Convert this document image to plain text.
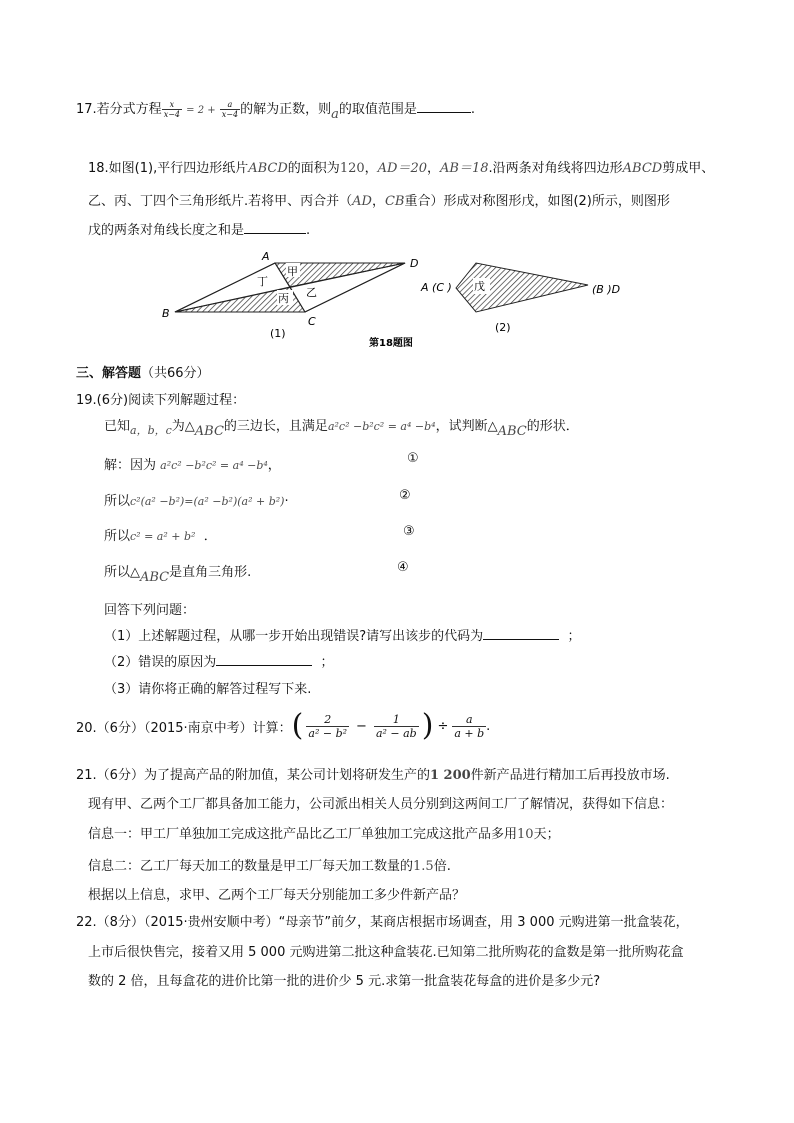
17.若分式方程 $\frac{x}{x-4} = 2 + \frac{a}{x-4}$ 的解为正数，则a的取值范围是	.
18.如图(1),平行四边形纸片ABCD的面积为120，AD＝20，AB＝18.沿两条对角线将四边形ABCD剪成甲、
乙、丙、丁四个三角形纸片.若将甲、丙合并（AD，CB重合）形成对称图形戊，如图(2)所示，则图形
戊的两条对角线长度之和是	.
A
B
C
D
甲
乙
丙
丁
(1)
戊
A (C )	(B )D
(2)
第18题图
三、解答题（共66分）
19.(6分)阅读下列解题过程：
已知$_{a,b,c}$为△ABC的三边长，且满足a²c² −b²c² = a⁴ −b⁴，试判断△ABC的形状．
解：因为 a²c² −b²c² = a⁴ −b⁴，	①
所以c²(a² −b²)=(a² −b²)(a² + b²)·	②
所以c² = a² + b² ．	③
所以△ABC是直角三角形.	④
回答下列问题：
（1）上述解题过程，从哪一步开始出现错误?请写出该步的代码为	；
（2）错误的原因为	；
（3）请你将正确的解答过程写下来.
20.（6分）（2015·南京中考）计算： ( $\frac{2}{\text{a² − b²}} - \frac{1}{\text{a² − ab}}$ ) ÷ $\frac{a}{a + b}$ .
21.（6分）为了提高产品的附加值，某公司计划将研发生产的1 200件新产品进行精加工后再投放市场.
现有甲、乙两个工厂都具备加工能力，公司派出相关人员分别到这两间工厂了解情况，获得如下信息：
信息一：甲工厂单独加工完成这批产品比乙工厂单独加工完成这批产品多用10天；
信息二：乙工厂每天加工的数量是甲工厂每天加工数量的1.5倍.
根据以上信息，求甲、乙两个工厂每天分别能加工多少件新产品？
22.（8分）（2015·贵州安顺中考）“母亲节”前夕，某商店根据市场调查，用 3 000 元购进第一批盒装花，
上市后很快售完，接着又用 5 000 元购进第二批这种盒装花.已知第二批所购花的盒数是第一批所购花盒
数的 2 倍，且每盒花的进价比第一批的进价少 5 元.求第一批盒装花每盒的进价是多少元?
